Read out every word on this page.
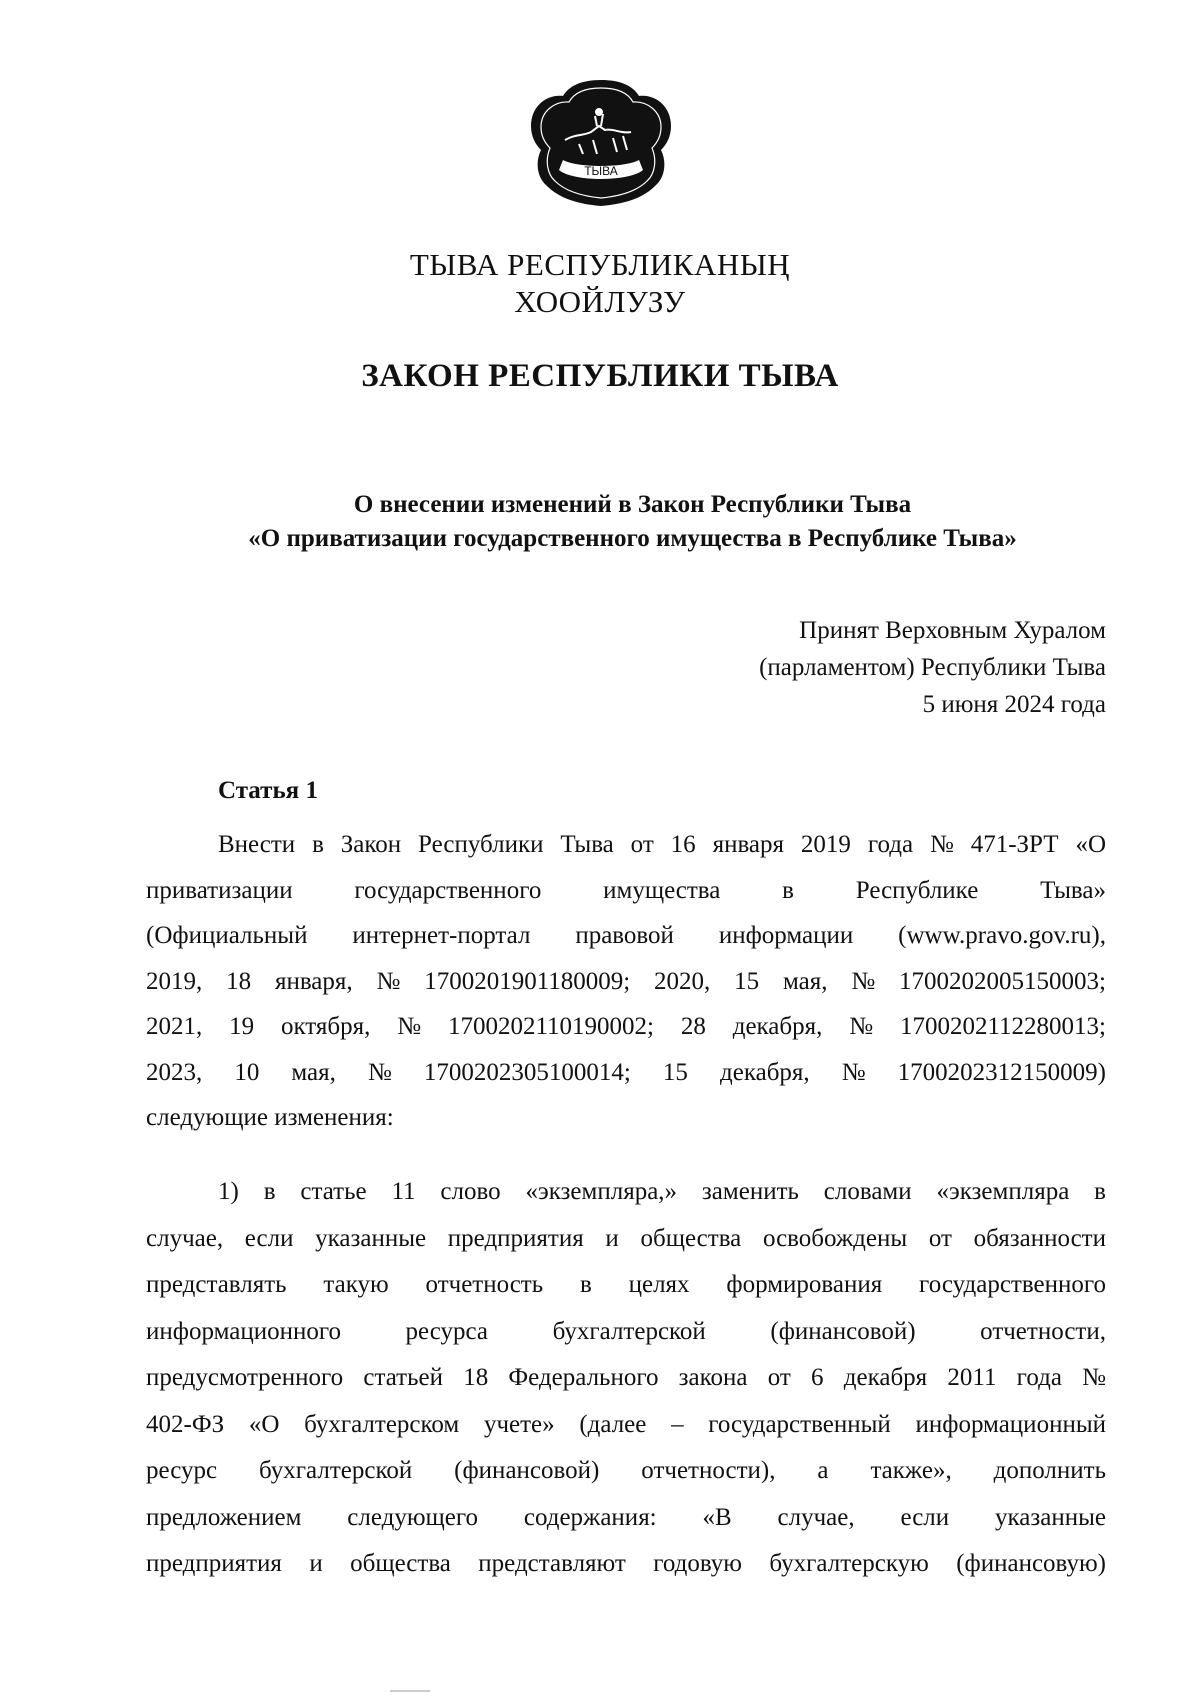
ТЫВА
ТЫВА РЕСПУБЛИКАНЫҢ
ХООЙЛУЗУ
ЗАКОН РЕСПУБЛИКИ ТЫВА
О внесении изменений в Закон Республики Тыва
«О приватизации государственного имущества в Республике Тыва»
Принят Верховным Хуралом
(парламентом) Республики Тыва
5 июня 2024 года
Статья 1
Внести в Закон Республики Тыва от 16 января 2019 года № 471-ЗРТ «О
приватизации государственного имущества в Республике Тыва»
(Официальный интернет-портал правовой информации (www.pravo.gov.ru),
2019, 18 января, № 1700201901180009; 2020, 15 мая, № 1700202005150003;
2021, 19 октября, № 1700202110190002; 28 декабря, № 1700202112280013;
2023, 10 мая, № 1700202305100014; 15 декабря, № 1700202312150009)
следующие изменения:
1) в статье 11 слово «экземпляра,» заменить словами «экземпляра в
случае, если указанные предприятия и общества освобождены от обязанности
представлять такую отчетность в целях формирования государственного
информационного ресурса бухгалтерской (финансовой) отчетности,
предусмотренного статьей 18 Федерального закона от 6 декабря 2011 года №
402-ФЗ «О бухгалтерском учете» (далее – государственный информационный
ресурс бухгалтерской (финансовой) отчетности), а также», дополнить
предложением следующего содержания: «В случае, если указанные
предприятия и общества представляют годовую бухгалтерскую (финансовую)
